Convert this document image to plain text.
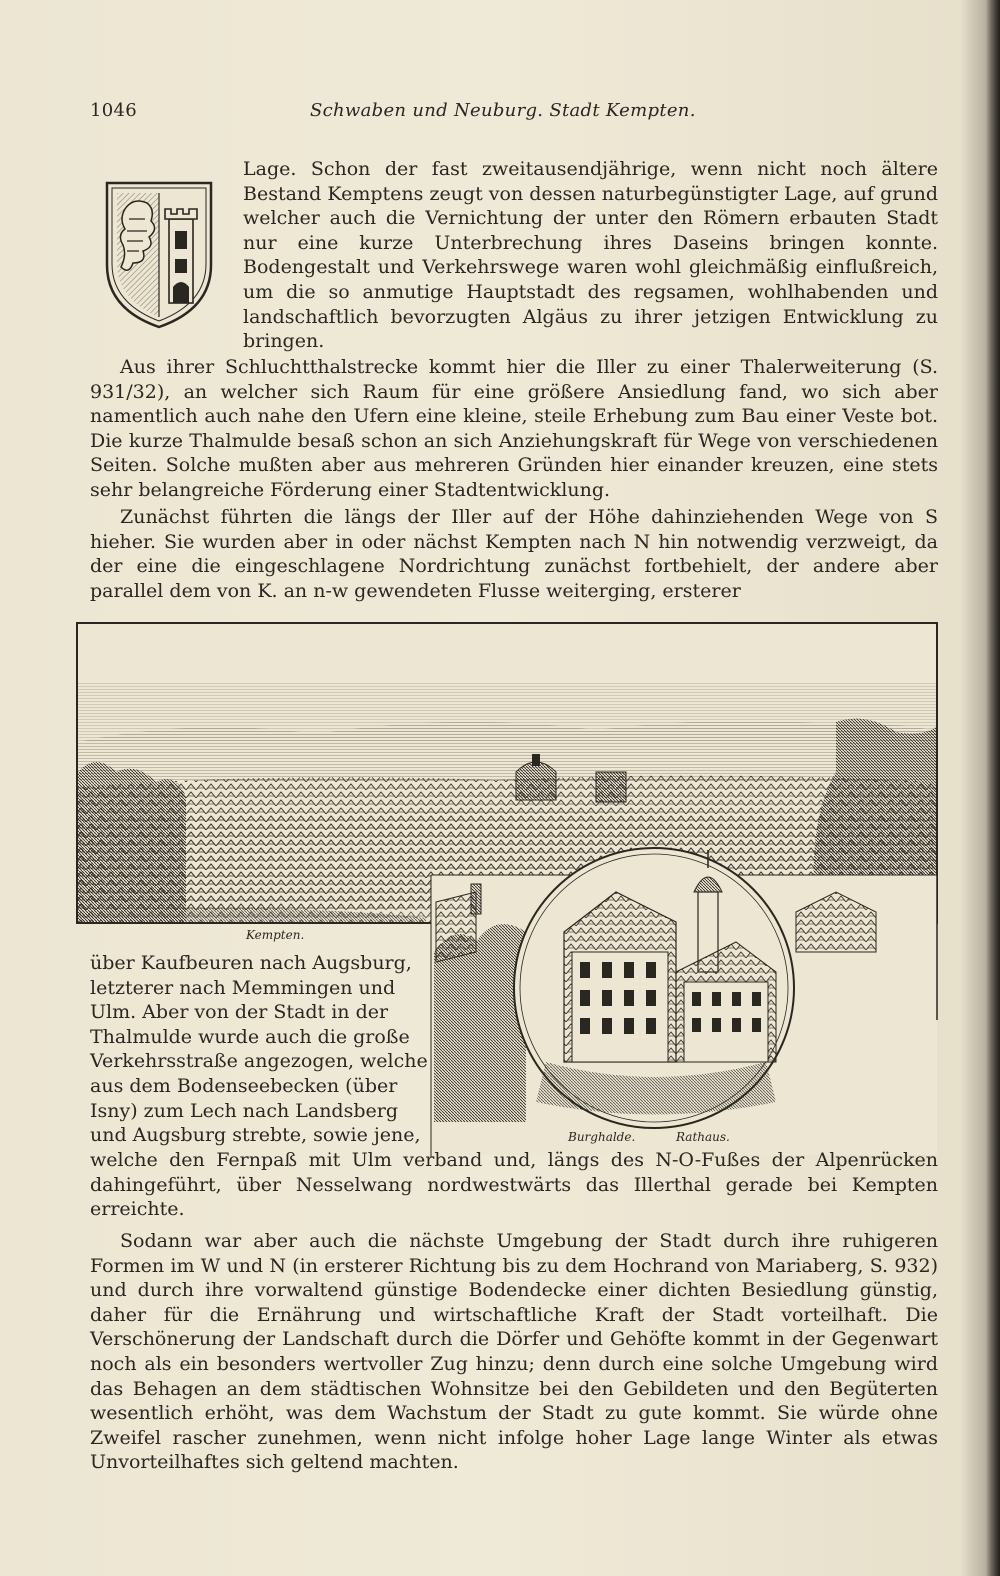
1046	Schwaben und Neuburg. Stadt Kempten.

Lage. Schon der fast zweitausendjährige, wenn nicht noch ältere Bestand Kemptens zeugt von dessen naturbegünstigter Lage, auf grund welcher auch die Vernichtung der unter den Römern erbauten Stadt nur eine kurze Unterbrechung ihres Daseins bringen konnte. Bodengestalt und Verkehrswege waren wohl gleichmäßig einflußreich, um die so anmutige Hauptstadt des regsamen, wohlhabenden und landschaftlich bevorzugten Algäus zu ihrer jetzigen Entwicklung zu bringen.

Aus ihrer Schluchtthalstrecke kommt hier die Iller zu einer Thalerweiterung (S. 931/32), an welcher sich Raum für eine größere Ansiedlung fand, wo sich aber namentlich auch nahe den Ufern eine kleine, steile Erhebung zum Bau einer Veste bot. Die kurze Thalmulde besaß schon an sich Anziehungskraft für Wege von verschiedenen Seiten. Solche mußten aber aus mehreren Gründen hier einander kreuzen, eine stets sehr belangreiche Förderung einer Stadtentwicklung.

Zunächst führten die längs der Iller auf der Höhe dahinziehenden Wege von S hieher. Sie wurden aber in oder nächst Kempten nach N hin notwendig verzweigt, da der eine die eingeschlagene Nordrichtung zunächst fortbehielt, der andere aber parallel dem von K. an n-w gewendeten Flusse weiterging, ersterer

Kempten.
Burghalde.	Rathaus.
über Kaufbeuren nach Augsburg,
letzterer nach Memmingen und
Ulm. Aber von der Stadt in der
Thalmulde wurde auch die große
Verkehrsstraße angezogen, welche
aus dem Bodenseebecken (über
Isny) zum Lech nach Landsberg
und Augsburg strebte, sowie jene,

welche den Fernpaß mit Ulm verband und, längs des N-O-Fußes der Alpenrücken dahingeführt, über Nesselwang nordwestwärts das Illerthal gerade bei Kempten erreichte.

Sodann war aber auch die nächste Umgebung der Stadt durch ihre ruhigeren Formen im W und N (in ersterer Richtung bis zu dem Hochrand von Mariaberg, S. 932) und durch ihre vorwaltend günstige Bodendecke einer dichten Besiedlung günstig, daher für die Ernährung und wirtschaftliche Kraft der Stadt vorteilhaft. Die Verschönerung der Landschaft durch die Dörfer und Gehöfte kommt in der Gegenwart noch als ein besonders wertvoller Zug hinzu; denn durch eine solche Umgebung wird das Behagen an dem städtischen Wohnsitze bei den Gebildeten und den Begüterten wesentlich erhöht, was dem Wachstum der Stadt zu gute kommt. Sie würde ohne Zweifel rascher zunehmen, wenn nicht infolge hoher Lage lange Winter als etwas Unvorteilhaftes sich geltend machten.
